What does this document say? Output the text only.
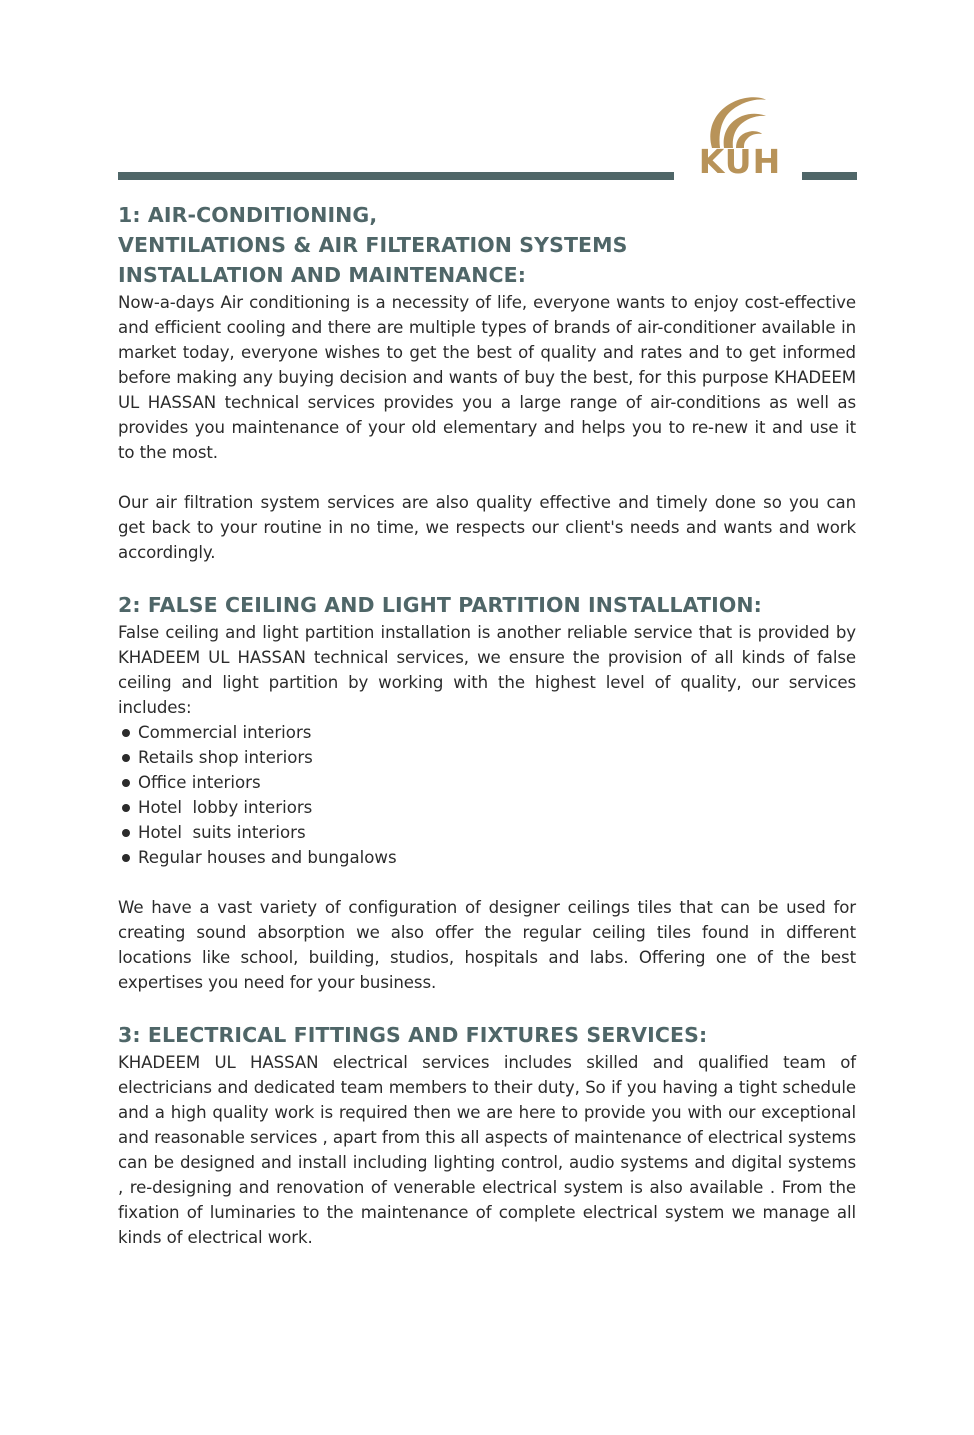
KUH
1: AIR-CONDITIONING,
VENTILATIONS & AIR FILTERATION SYSTEMS
INSTALLATION AND MAINTENANCE:

Now-a-days Air conditioning is a necessity of life, everyone wants to enjoy cost-effective and efficient cooling and there are multiple types of brands of air-conditioner available in market today, everyone wishes to get the best of quality and rates and to get informed before making any buying decision and wants of buy the best, for this purpose KHADEEM UL HASSAN technical services provides you a large range of air-conditions as well as provides you maintenance of your old elementary and helps you to re-new it and use it to the most.

Our air filtration system services are also quality effective and timely done so you can get back to your routine in no time, we respects our client's needs and wants and work accordingly.

2: FALSE CEILING AND LIGHT PARTITION INSTALLATION:

False ceiling and light partition installation is another reliable service that is provided by KHADEEM UL HASSAN technical services, we ensure the provision of all kinds of false ceiling and light partition by working with the highest level of quality, our services includes:

Commercial interiors
Retails shop interiors
Office interiors
Hotel  lobby interiors
Hotel  suits interiors
Regular houses and bungalows

We have a vast variety of configuration of designer ceilings tiles that can be used for creating sound absorption we also offer the regular ceiling tiles found in different locations like school, building, studios, hospitals and labs. Offering one of the best expertises you need for your business.

3: ELECTRICAL FITTINGS AND FIXTURES SERVICES:

KHADEEM UL HASSAN electrical services includes skilled and qualified team of electricians and dedicated team members to their duty, So if you having a tight schedule and a high quality work is required then we are here to provide you with our exceptional and reasonable services , apart from this all aspects of maintenance of electrical systems can be designed and install including lighting control, audio systems and digital systems , re-designing and renovation of venerable electrical system is also available . From the fixation of luminaries to the maintenance of complete electrical system we manage all kinds of electrical work.
